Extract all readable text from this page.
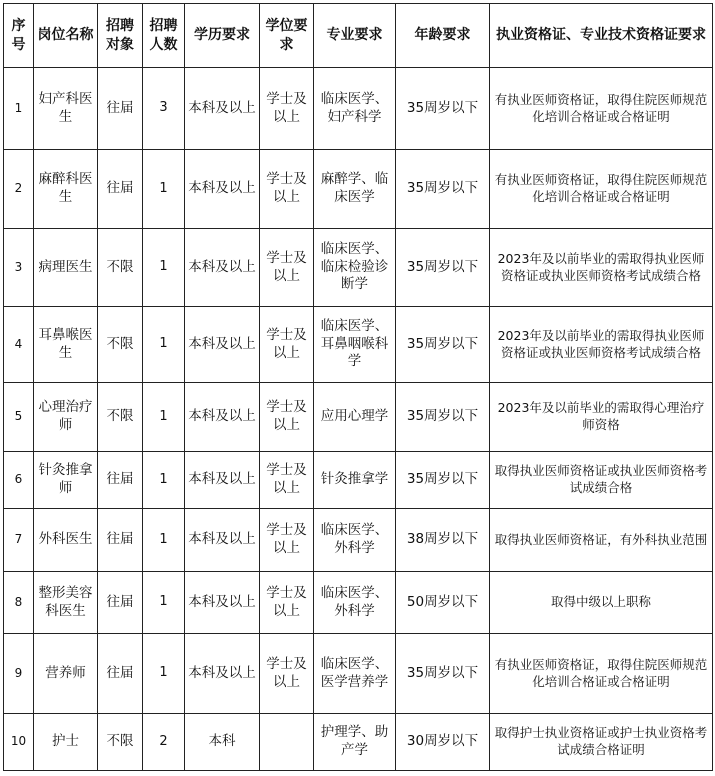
序号	岗位名称	招聘对象	招聘人数	学历要求	学位要求	专业要求	年龄要求	执业资格证、专业技术资格证要求
1	妇产科医生	往届	3	本科及以上	学士及以上	临床医学、妇产科学	35周岁以下	有执业医师资格证，取得住院医师规范化培训合格证或合格证明
2	麻醉科医生	往届	1	本科及以上	学士及以上	麻醉学、临床医学	35周岁以下	有执业医师资格证，取得住院医师规范化培训合格证或合格证明
3	病理医生	不限	1	本科及以上	学士及以上	临床医学、临床检验诊断学	35周岁以下	2023年及以前毕业的需取得执业医师资格证或执业医师资格考试成绩合格
4	耳鼻喉医生	不限	1	本科及以上	学士及以上	临床医学、耳鼻咽喉科学	35周岁以下	2023年及以前毕业的需取得执业医师资格证或执业医师资格考试成绩合格
5	心理治疗师	不限	1	本科及以上	学士及以上	应用心理学	35周岁以下	2023年及以前毕业的需取得心理治疗师资格
6	针灸推拿师	往届	1	本科及以上	学士及以上	针灸推拿学	35周岁以下	取得执业医师资格证或执业医师资格考试成绩合格
7	外科医生	往届	1	本科及以上	学士及以上	临床医学、外科学	38周岁以下	取得执业医师资格证，有外科执业范围
8	整形美容科医生	往届	1	本科及以上	学士及以上	临床医学、外科学	50周岁以下	取得中级以上职称
9	营养师	往届	1	本科及以上	学士及以上	临床医学、医学营养学	35周岁以下	有执业医师资格证，取得住院医师规范化培训合格证或合格证明
10	护士	不限	2	本科		护理学、助产学	30周岁以下	取得护士执业资格证或护士执业资格考试成绩合格证明
